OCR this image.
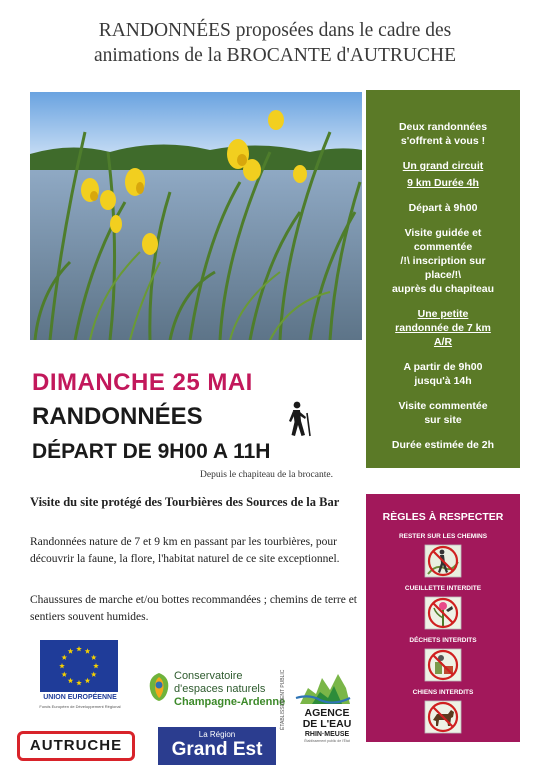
RANDONNÉES proposées dans le cadre des
animations de la BROCANTE d'AUTRUCHE

Deux randonnées
s'offrent à vous !

Un grand circuit

9 km Durée 4h

Départ à 9h00

Visite guidée et
commentée
/!\ inscription sur
place/!\
auprès du chapiteau

Une petite
randonnée de 7 km
A/R

A partir de 9h00
jusqu'à 14h

Visite commentée
sur site

Durée estimée de 2h

DIMANCHE 25 MAI
RANDONNÉES
DÉPART DE 9H00 A 11H
Depuis le chapiteau de la brocante.
Visite du site protégé des Tourbières des Sources de la Bar
Randonnées nature de 7 et 9 km en passant par les tourbières, pour découvrir la faune, la flore, l'habitat naturel de ce site exceptionnel.
Chaussures de marche et/ou bottes recommandées ; chemins de terre et sentiers souvent humides.
RÈGLES À RESPECTER
RESTER SUR LES CHEMINS
CUEILLETTE INTERDITE
DÉCHETS INTERDITS
CHIENS INTERDITS
UNION EUROPÉENNE
Fonds Européen de Développement Régional
Conservatoire
d'espaces naturels
Champagne-Ardenne
ÉTABLISSEMENT PUBLIC	AGENCE
DE L'EAU
RHIN·MEUSE
Établissement public de l'État
AUTRUCHE
La Région
Grand Est
